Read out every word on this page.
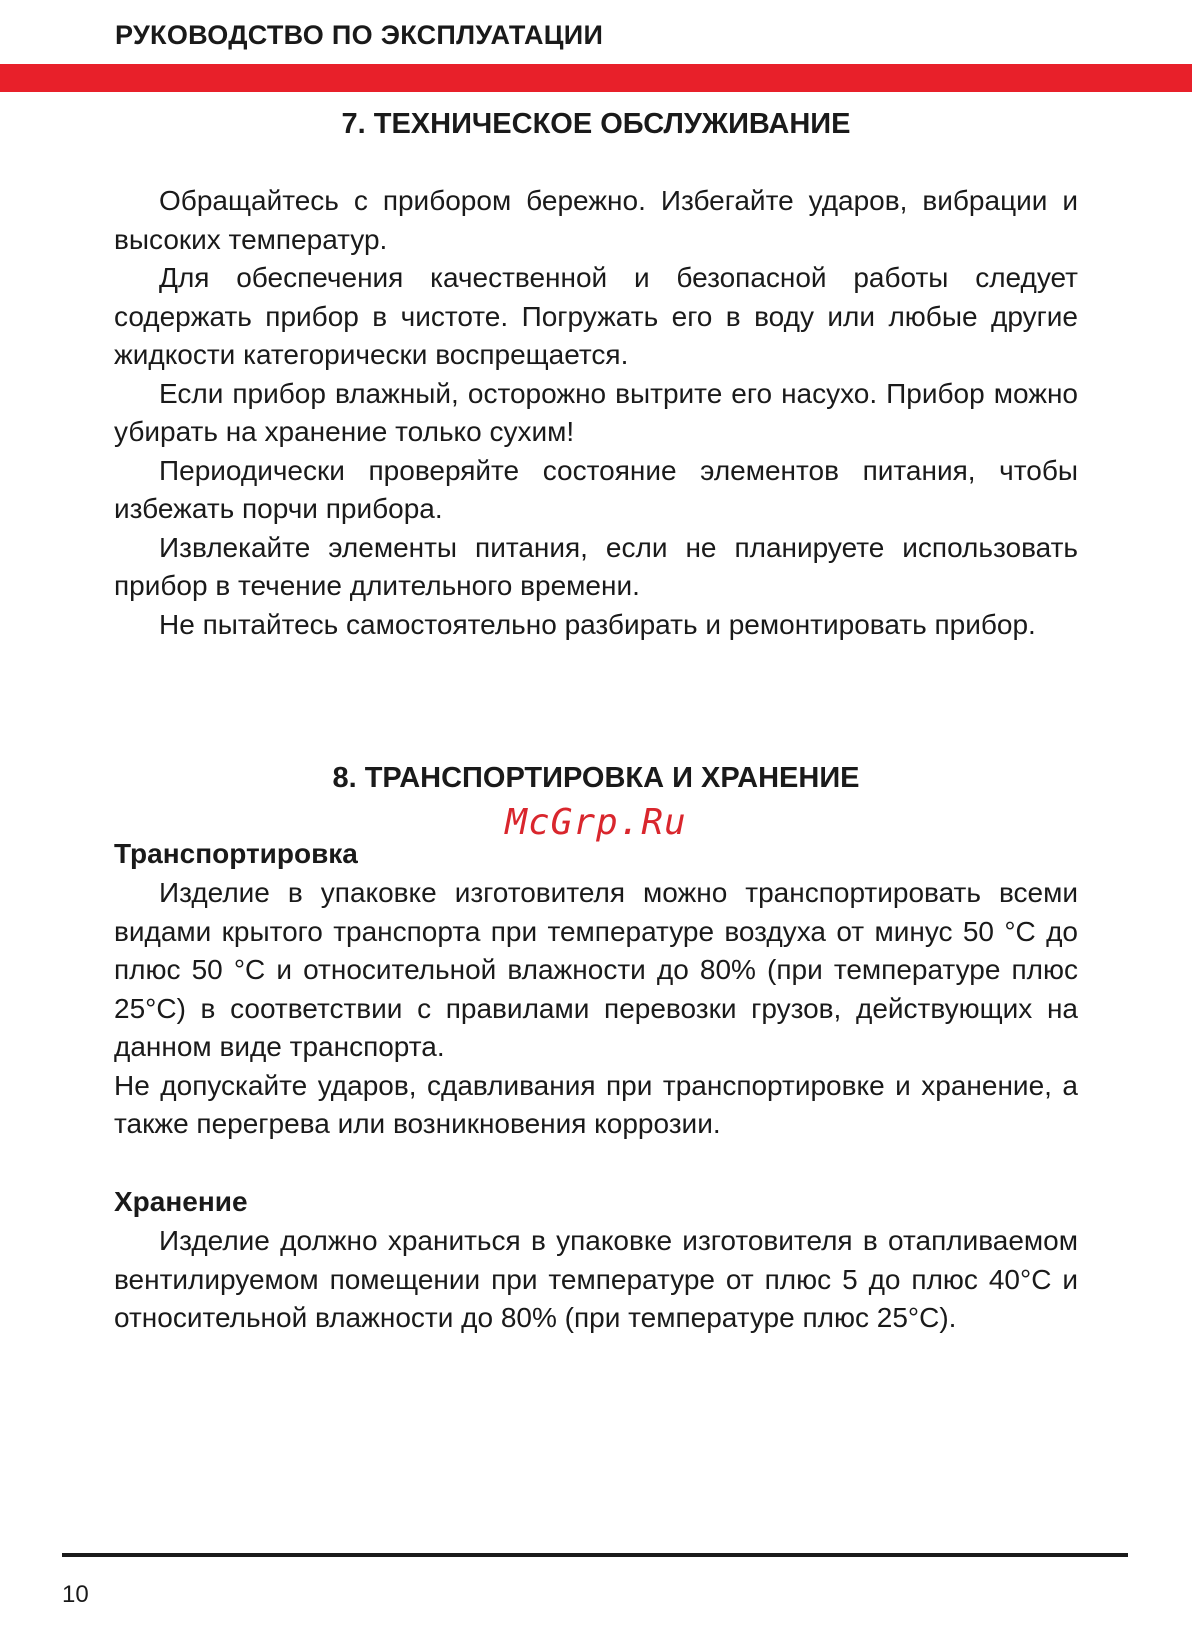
РУКОВОДСТВО ПО ЭКСПЛУАТАЦИИ
7. ТЕХНИЧЕСКОЕ ОБСЛУЖИВАНИЕ

Обращайтесь с прибором бережно. Избегайте ударов, вибрации и высоких температур.

Для обеспечения качественной и безопасной работы следует содержать прибор в чистоте. Погружать его в воду или любые другие жидкости категорически воспрещается.

Если прибор влажный, осторожно вытрите его насухо. Прибор можно убирать на хранение только сухим!

Периодически проверяйте состояние элементов питания, чтобы избежать порчи прибора.

Извлекайте элементы питания, если не планируете использовать прибор в течение длительного времени.

Не пытайтесь самостоятельно разбирать и ремонтировать прибор.

8. ТРАНСПОРТИРОВКА И ХРАНЕНИЕ
McGrp.Ru
Транспортировка

Изделие в упаковке изготовителя можно транспортировать всеми видами крытого транспорта при температуре воздуха от минус 50 °С до плюс 50 °С и относительной влажности до 80% (при температуре плюс 25°С) в соответствии с правилами перевозки грузов, действующих на данном виде транспорта.

Не допускайте ударов, сдавливания при транспортировке и хранение, а также перегрева или возникновения коррозии.

Хранение

Изделие должно храниться в упаковке изготовителя в отапливаемом вентилируемом помещении при температуре от плюс 5 до плюс 40°С и относительной влажности до 80% (при температуре плюс 25°С).

10
